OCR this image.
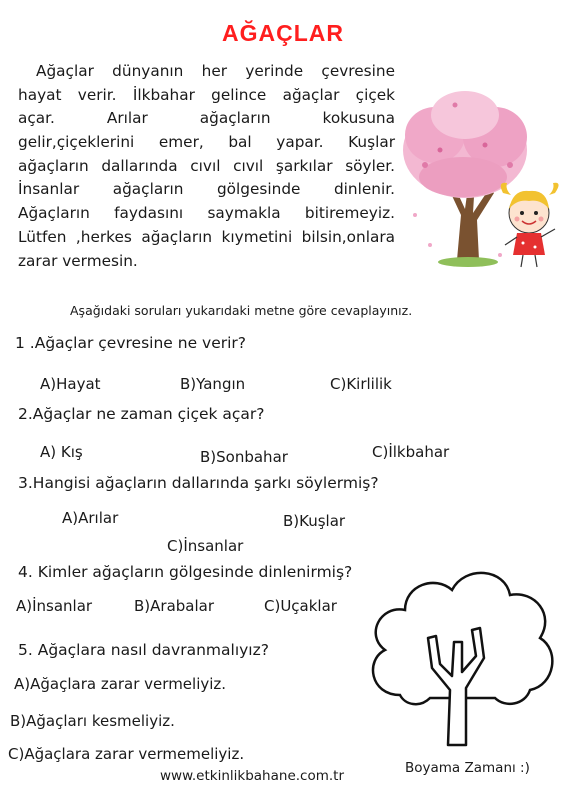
AĞAÇLAR
Ağaçlar dünyanın her yerinde çevresine
hayat verir. İlkbahar gelince ağaçlar çiçek
açar. Arılar ağaçların kokusuna
gelir,çiçeklerini emer, bal yapar. Kuşlar
ağaçların dallarında cıvıl cıvıl şarkılar söyler.
İnsanlar ağaçların gölgesinde dinlenir.
Ağaçların faydasını saymakla bitiremeyiz.
Lütfen ,herkes ağaçların kıymetini bilsin,onlara
zarar vermesin.
Aşağıdaki soruları yukarıdaki metne göre cevaplayınız.
1 .Ağaçlar çevresine ne verir?
A)Hayat	B)Yangın	C)Kirlilik
2.Ağaçlar ne zaman çiçek açar?
A) Kış	B)Sonbahar	C)İlkbahar
3.Hangisi ağaçların dallarında şarkı söylermiş?
A)Arılar	B)Kuşlar
C)İnsanlar
4. Kimler ağaçların gölgesinde dinlenirmiş?
A)İnsanlar	B)Arabalar	C)Uçaklar
5. Ağaçlara nasıl davranmalıyız?
A)Ağaçlara zarar vermeliyiz.
B)Ağaçları kesmeliyiz.
C)Ağaçlara zarar vermemeliyiz.
www.etkinlikbahane.com.tr	Boyama Zamanı :)
